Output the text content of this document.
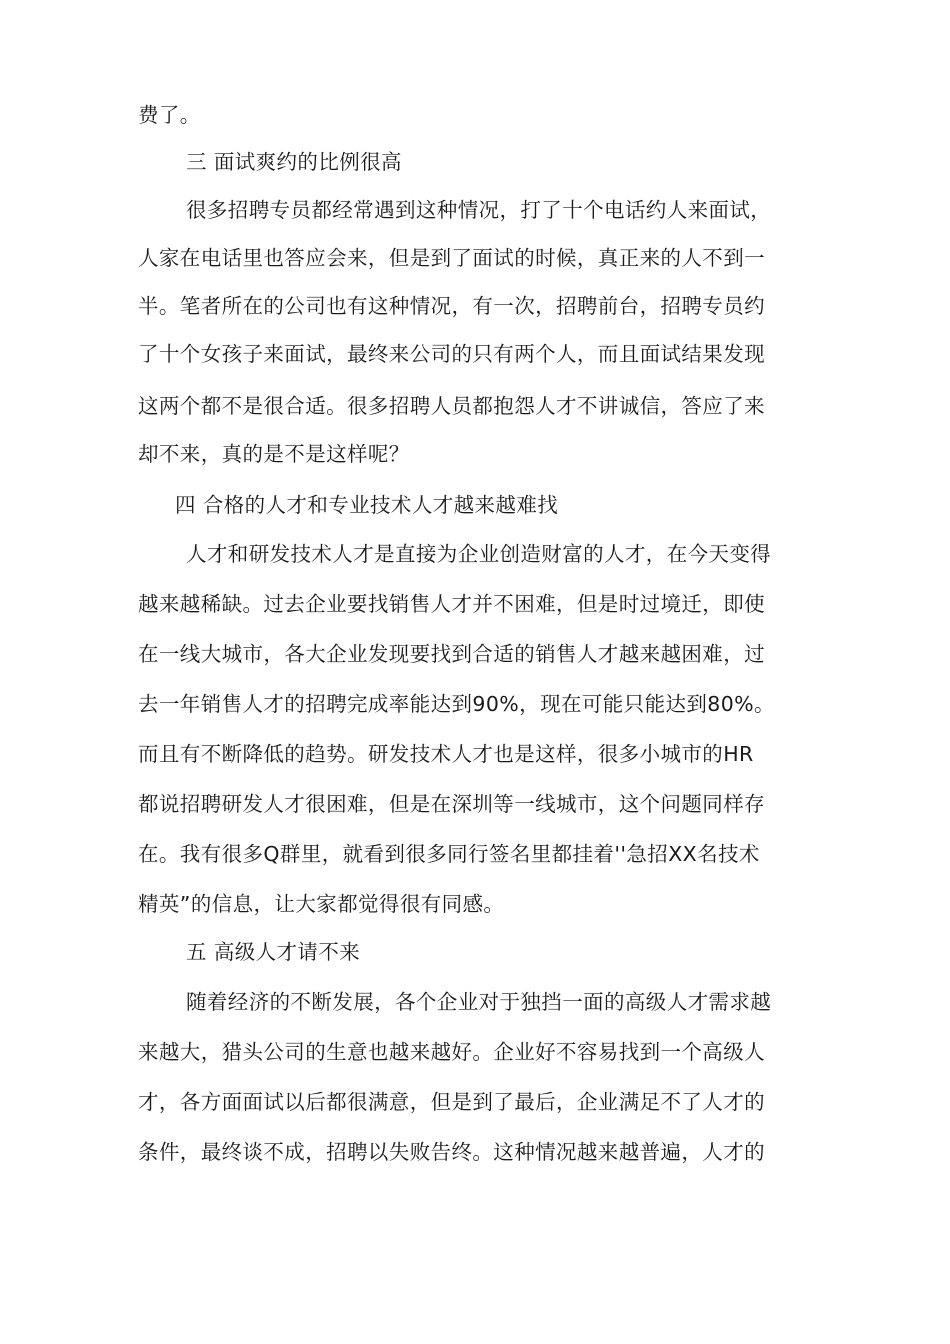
费了。
三 面试爽约的比例很高
很多招聘专员都经常遇到这种情况，打了十个电话约人来面试，
人家在电话里也答应会来，但是到了面试的时候，真正来的人不到一
半。笔者所在的公司也有这种情况，有一次，招聘前台，招聘专员约
了十个女孩子来面试，最终来公司的只有两个人，而且面试结果发现
这两个都不是很合适。很多招聘人员都抱怨人才不讲诚信，答应了来
却不来，真的是不是这样呢？
四 合格的人才和专业技术人才越来越难找
人才和研发技术人才是直接为企业创造财富的人才，在今天变得
越来越稀缺。过去企业要找销售人才并不困难，但是时过境迁，即使
在一线大城市，各大企业发现要找到合适的销售人才越来越困难，过
去一年销售人才的招聘完成率能达到90%，现在可能只能达到80%。
而且有不断降低的趋势。研发技术人才也是这样，很多小城市的HR
都说招聘研发人才很困难，但是在深圳等一线城市，这个问题同样存
在。我有很多Q群里，就看到很多同行签名里都挂着''急招XX名技术
精英”的信息，让大家都觉得很有同感。
五 高级人才请不来
随着经济的不断发展，各个企业对于独挡一面的高级人才需求越
来越大，猎头公司的生意也越来越好。企业好不容易找到一个高级人
才，各方面面试以后都很满意，但是到了最后，企业满足不了人才的
条件，最终谈不成，招聘以失败告终。这种情况越来越普遍，人才的
